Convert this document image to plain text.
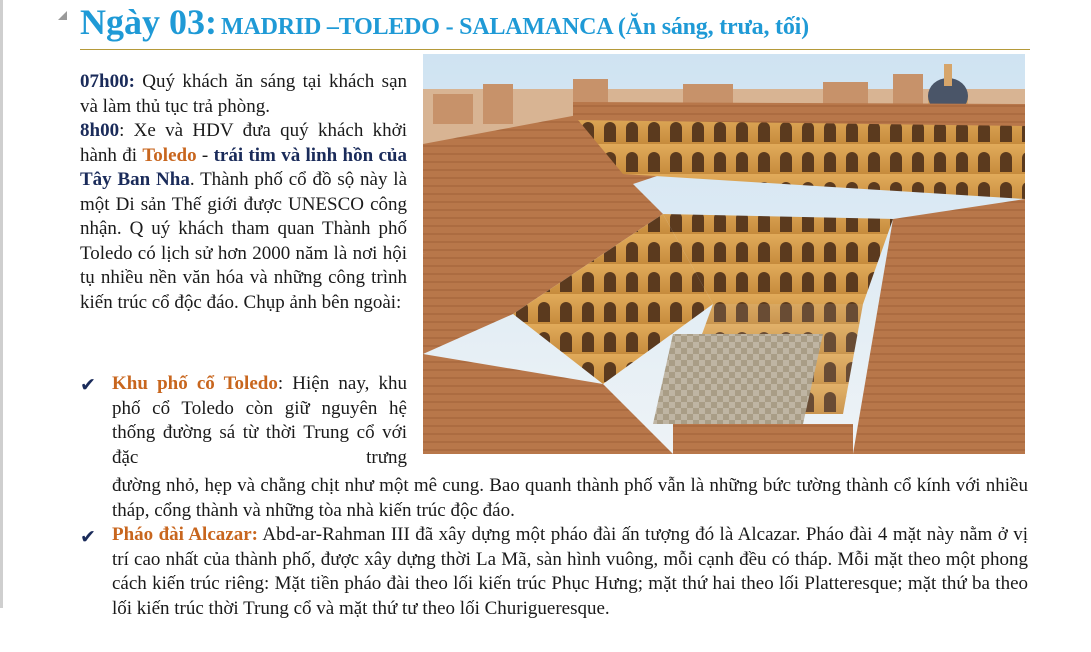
Ngày 03: MADRID –TOLEDO - SALAMANCA (Ăn sáng, trưa, tối)
07h00: Quý khách ăn sáng tại khách sạn và làm thủ tục trả phòng.
8h00: Xe và HDV đưa quý khách khởi hành đi Toledo - trái tim và linh hồn của Tây Ban Nha. Thành phố cổ đồ sộ này là một Di sản Thế giới được UNESCO công nhận. Q uý khách tham quan Thành phố Toledo có lịch sử hơn 2000 năm là nơi hội tụ nhiều nền văn hóa và những công trình kiến trúc cổ độc đáo. Chụp ảnh bên ngoài:
✔ Khu phố cổ Toledo: Hiện nay, khu phố cổ Toledo còn giữ nguyên hệ thống đường sá từ thời Trung cổ với đặc trưng
đường nhỏ, hẹp và chằng chịt như một mê cung. Bao quanh thành phố vẫn là những bức tường thành cổ kính với nhiều tháp, cổng thành và những tòa nhà kiến trúc độc đáo.
✔ Pháo đài Alcazar: Abd-ar-Rahman III đã xây dựng một pháo đài ấn tượng đó là Alcazar. Pháo đài 4 mặt này nằm ở vị trí cao nhất của thành phố, được xây dựng thời La Mã, sàn hình vuông, mỗi cạnh đều có tháp. Mỗi mặt theo một phong cách kiến trúc riêng: Mặt tiền pháo đài theo lối kiến trúc Phục Hưng; mặt thứ hai theo lối Platteresque; mặt thứ ba theo lối kiến trúc thời Trung cổ và mặt thứ tư theo lối Churigueresque.
